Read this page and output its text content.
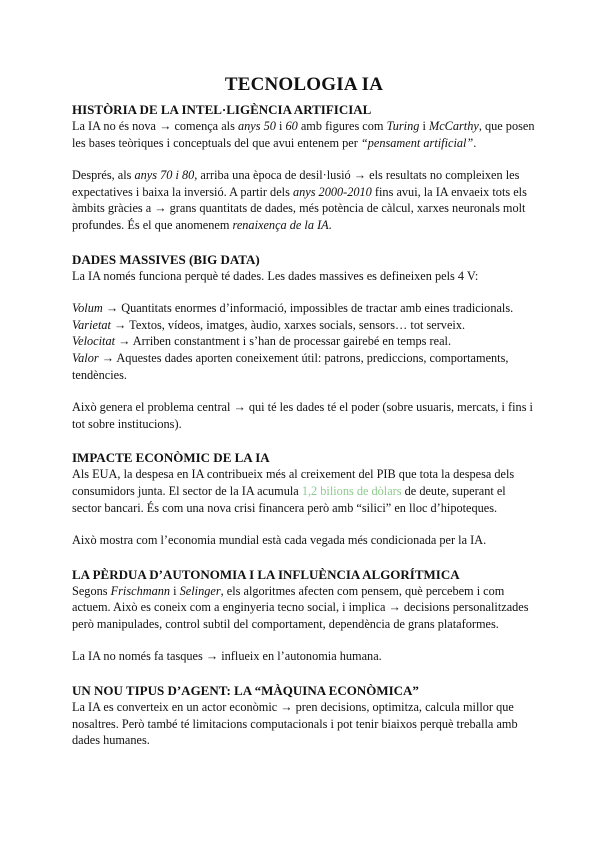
TECNOLOGIA IA
HISTÒRIA DE LA INTEL·LIGÈNCIA ARTIFICIAL

La IA no és nova → comença als anys 50 i 60 amb figures com Turing i McCarthy, que posen les bases teòriques i conceptuals del que avui entenem per “pensament artificial”.

Després, als anys 70 i 80, arriba una època de desil·lusió → els resultats no compleixen les expectatives i baixa la inversió. A partir dels anys 2000-2010 fins avui, la IA envaeix tots els àmbits gràcies a → grans quantitats de dades, més potència de càlcul, xarxes neuronals molt profundes. És el que anomenem renaixença de la IA.

DADES MASSIVES (BIG DATA)

La IA només funciona perquè té dades. Les dades massives es defineixen pels 4 V:

Volum → Quantitats enormes d’informació, impossibles de tractar amb eines tradicionals.

Varietat → Textos, vídeos, imatges, àudio, xarxes socials, sensors… tot serveix.

Velocitat → Arriben constantment i s’han de processar gairebé en temps real.

Valor → Aquestes dades aporten coneixement útil: patrons, prediccions, comportaments, tendències.

Això genera el problema central → qui té les dades té el poder (sobre usuaris, mercats, i fins i tot sobre institucions).

IMPACTE ECONÒMIC DE LA IA

Als EUA, la despesa en IA contribueix més al creixement del PIB que tota la despesa dels consumidors junta. El sector de la IA acumula 1,2 bilions de dòlars de deute, superant el sector bancari. És com una nova crisi financera però amb “silici” en lloc d’hipoteques.

Això mostra com l’economia mundial està cada vegada més condicionada per la IA.

LA PÈRDUA D’AUTONOMIA I LA INFLUÈNCIA ALGORÍTMICA

Segons Frischmann i Selinger, els algoritmes afecten com pensem, què percebem i com actuem. Això es coneix com a enginyeria tecno social, i implica → decisions personalitzades però manipulades, control subtil del comportament, dependència de grans plataformes.

La IA no només fa tasques → influeix en l’autonomia humana.

UN NOU TIPUS D’AGENT: LA “MÀQUINA ECONÒMICA”

La IA es converteix en un actor econòmic → pren decisions, optimitza, calcula millor que nosaltres. Però també té limitacions computacionals i pot tenir biaixos perquè treballa amb dades humanes.
